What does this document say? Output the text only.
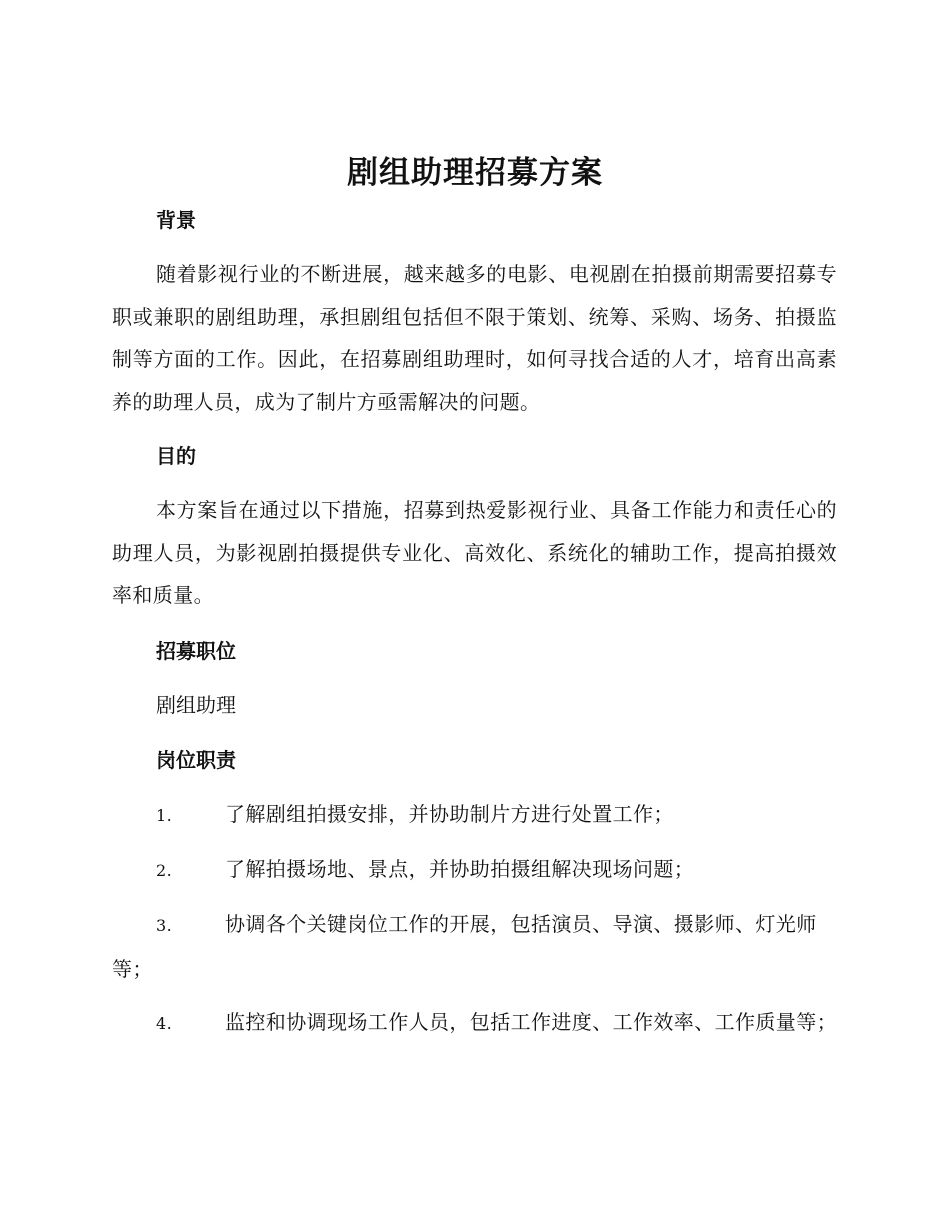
剧组助理招募方案
背景
随着影视行业的不断进展，越来越多的电影、电视剧在拍摄前期需要招募专职或兼职的剧组助理，承担剧组包括但不限于策划、统筹、采购、场务、拍摄监制等方面的工作。因此，在招募剧组助理时，如何寻找合适的人才，培育出高素养的助理人员，成为了制片方亟需解决的问题。
目的
本方案旨在通过以下措施，招募到热爱影视行业、具备工作能力和责任心的助理人员，为影视剧拍摄提供专业化、高效化、系统化的辅助工作，提高拍摄效率和质量。
招募职位
剧组助理
岗位职责
1.	了解剧组拍摄安排，并协助制片方进行处置工作；
2.	了解拍摄场地、景点，并协助拍摄组解决现场问题；
3.	协调各个关键岗位工作的开展，包括演员、导演、摄影师、灯光师等；
4.	监控和协调现场工作人员，包括工作进度、工作效率、工作质量等；
